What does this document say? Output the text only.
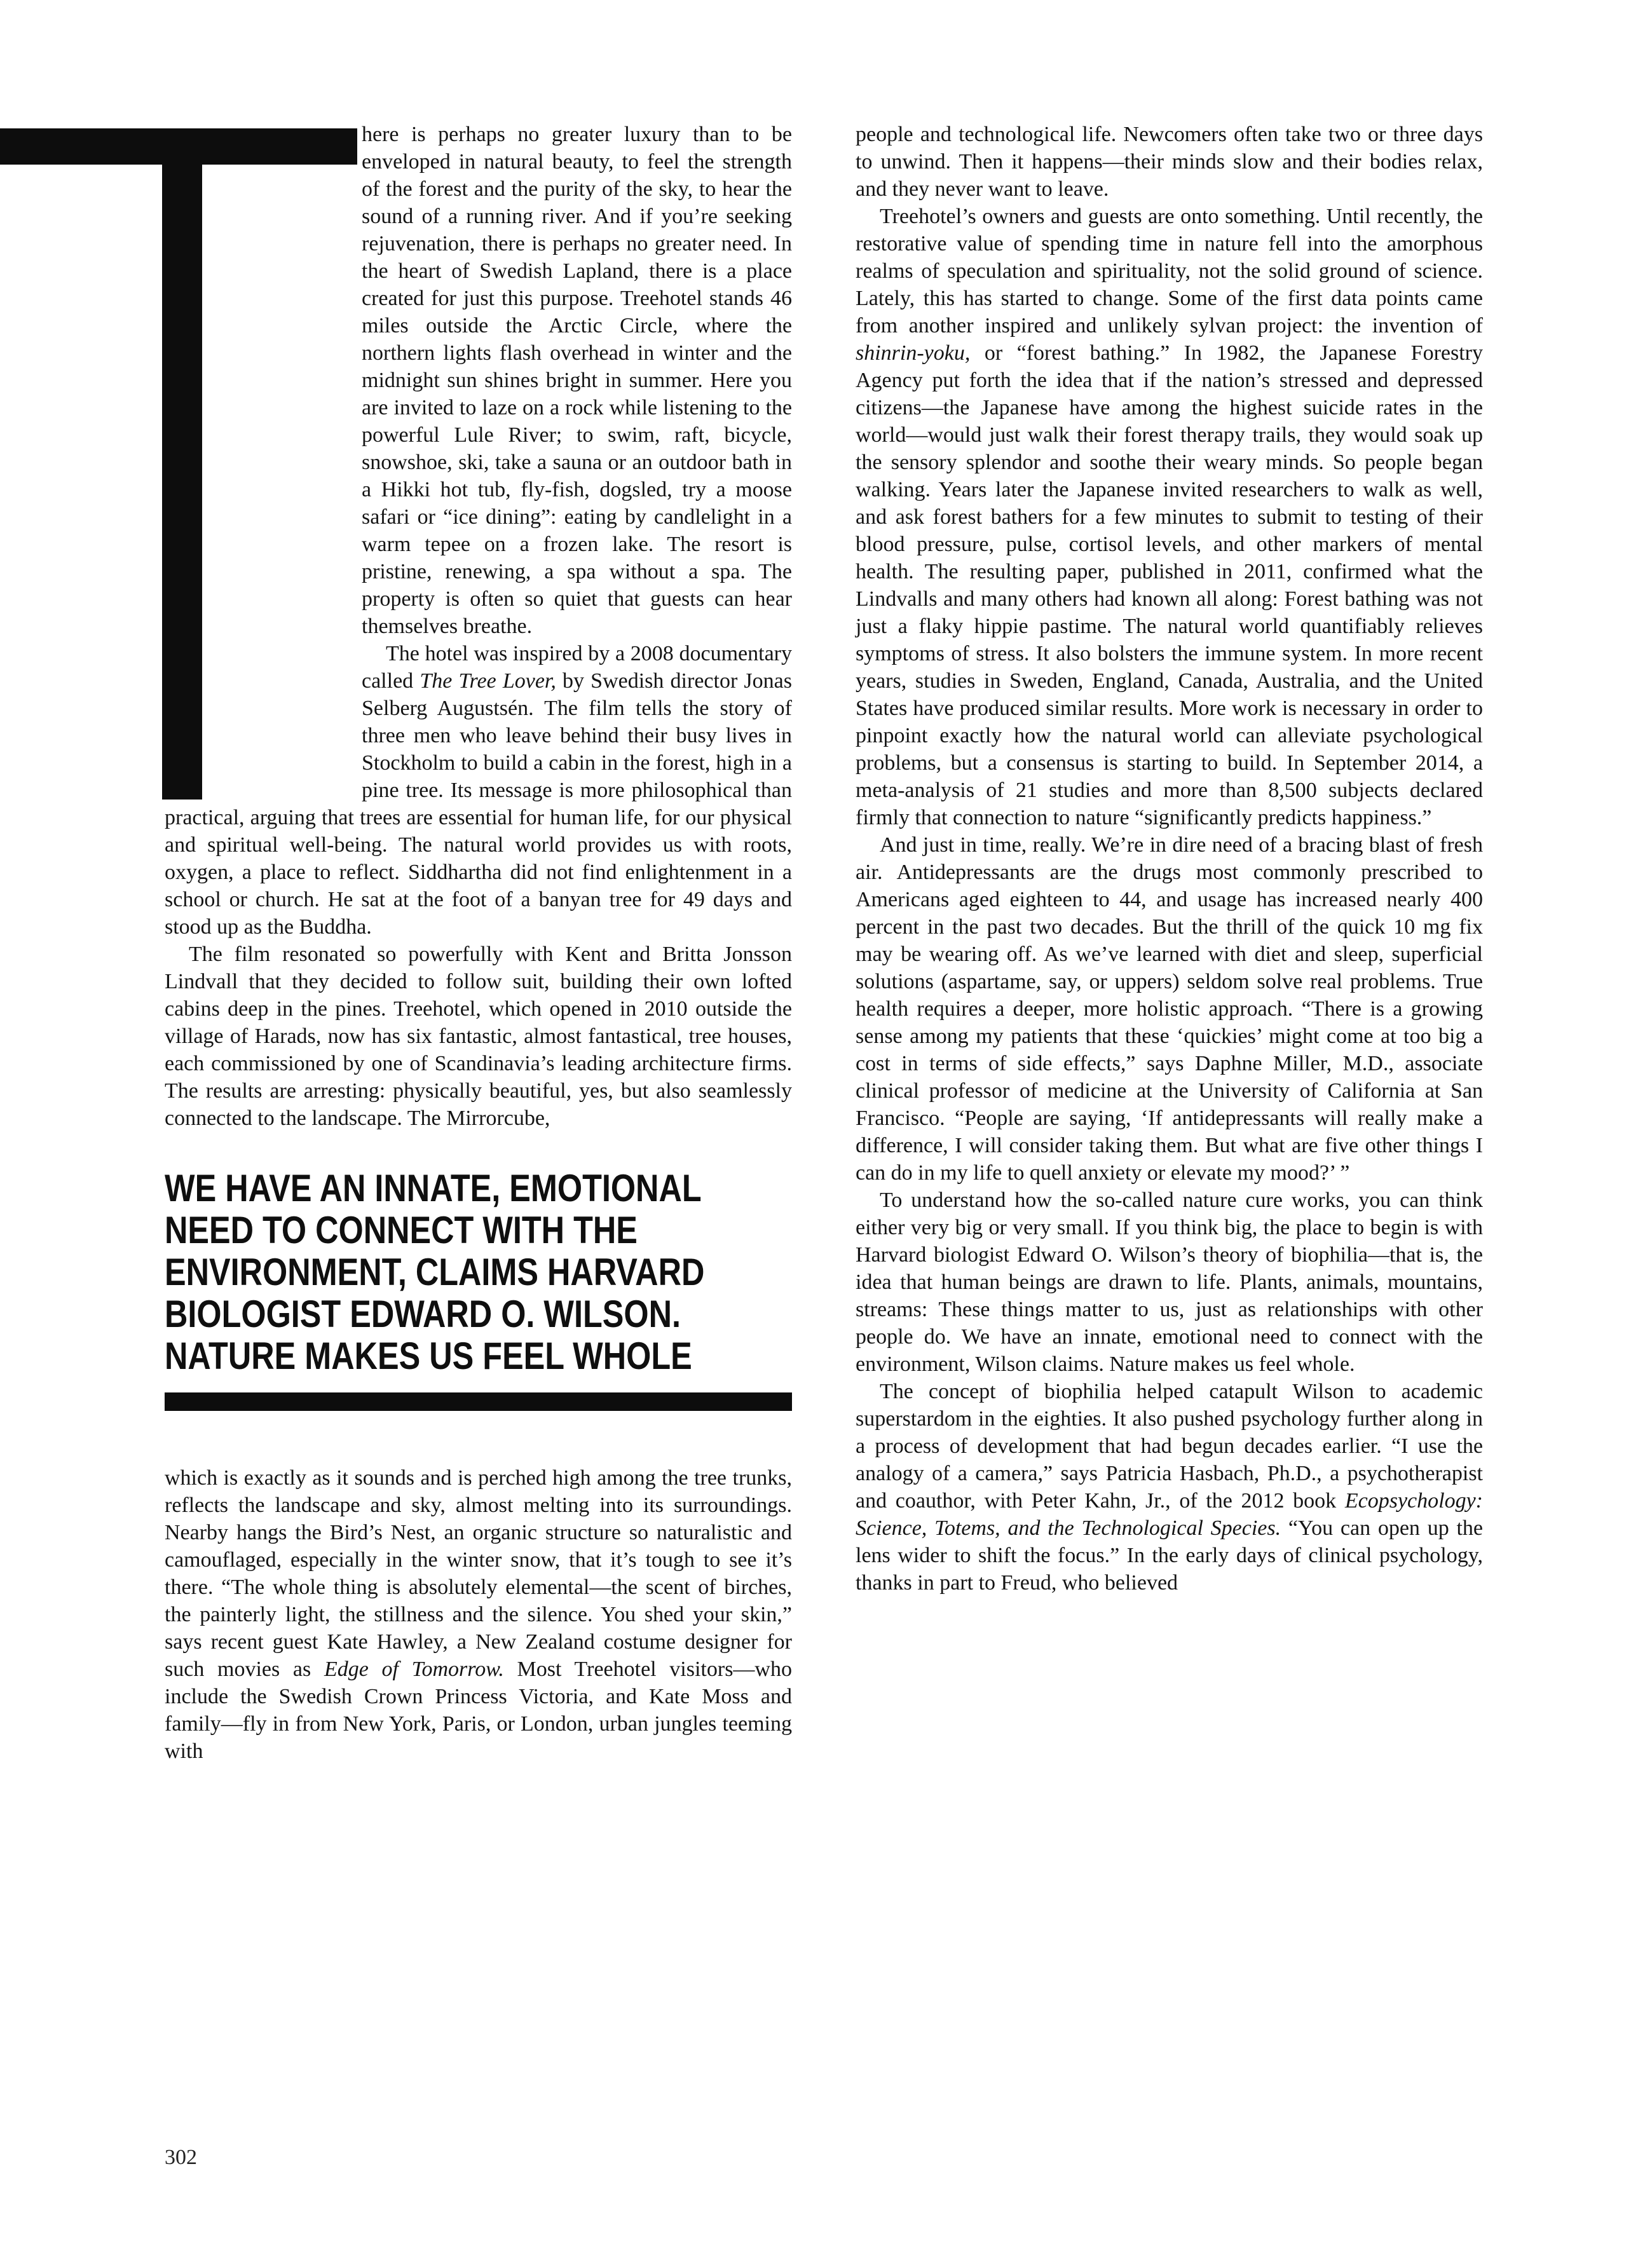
here is perhaps no greater luxury than to be enveloped in natural beauty, to feel the strength of the forest and the purity of the sky, to hear the sound of a running river. And if you’re seeking rejuvenation, there is perhaps no greater need. In the heart of Swedish Lapland, there is a place created for just this purpose. Treehotel stands 46 miles outside the Arctic Circle, where the northern lights flash overhead in winter and the midnight sun shines bright in summer. Here you are invited to laze on a rock while listening to the powerful Lule River; to swim, raft, bicycle, snowshoe, ski, take a sauna or an outdoor bath in a Hikki hot tub, fly-fish, dogsled, try a moose safari or “ice dining”: eating by candlelight in a warm tepee on a frozen lake. The resort is pristine, renewing, a spa without a spa. The property is often so quiet that guests can hear themselves breathe.

The hotel was inspired by a 2008 documentary called The Tree Lover, by Swedish director Jonas Selberg Augustsén. The film tells the story of three men who leave behind their busy lives in Stockholm to build a cabin in the forest, high in a pine tree. Its message is more philosophical than practical, arguing that trees are essential for human life, for our physical and spiritual well-being. The natural world provides us with roots, oxygen, a place to reflect. Siddhartha did not find enlightenment in a school or church. He sat at the foot of a banyan tree for 49 days and stood up as the Buddha.

The film resonated so powerfully with Kent and Britta Jonsson Lindvall that they decided to follow suit, building their own lofted cabins deep in the pines. Treehotel, which opened in 2010 outside the village of Harads, now has six fantastic, almost fantastical, tree houses, each commissioned by one of Scandinavia’s leading architecture firms. The results are arresting: physically beautiful, yes, but also seamlessly connected to the landscape. The Mirrorcube,

WE HAVE AN INNATE, EMOTIONAL
NEED TO CONNECT WITH THE
ENVIRONMENT, CLAIMS HARVARD
BIOLOGIST EDWARD O. WILSON.
NATURE MAKES US FEEL WHOLE

which is exactly as it sounds and is perched high among the tree trunks, reflects the landscape and sky, almost melting into its surroundings. Nearby hangs the Bird’s Nest, an organic structure so naturalistic and camouflaged, especially in the winter snow, that it’s tough to see it’s there. “The whole thing is absolutely elemental—the scent of birches, the painterly light, the stillness and the silence. You shed your skin,” says recent guest Kate Hawley, a New Zealand costume designer for such movies as Edge of Tomorrow. Most Treehotel visitors—who include the Swedish Crown Princess Victoria, and Kate Moss and family—fly in from New York, Paris, or London, urban jungles teeming with

people and technological life. Newcomers often take two or three days to unwind. Then it happens—their minds slow and their bodies relax, and they never want to leave.

Treehotel’s owners and guests are onto something. Until recently, the restorative value of spending time in nature fell into the amorphous realms of speculation and spirituality, not the solid ground of science. Lately, this has started to change. Some of the first data points came from another inspired and unlikely sylvan project: the invention of shinrin-yoku, or “forest bathing.” In 1982, the Japanese Forestry Agency put forth the idea that if the nation’s stressed and depressed citizens—the Japanese have among the highest suicide rates in the world—would just walk their forest therapy trails, they would soak up the sensory splendor and soothe their weary minds. So people began walking. Years later the Japanese invited researchers to walk as well, and ask forest bathers for a few minutes to submit to testing of their blood pressure, pulse, cortisol levels, and other markers of mental health. The resulting paper, published in 2011, confirmed what the Lindvalls and many others had known all along: Forest bathing was not just a flaky hippie pastime. The natural world quantifiably relieves symptoms of stress. It also bolsters the immune system. In more recent years, studies in Sweden, England, Canada, Australia, and the United States have produced similar results. More work is necessary in order to pinpoint exactly how the natural world can alleviate psychological problems, but a consensus is starting to build. In September 2014, a meta-analysis of 21 studies and more than 8,500 subjects declared firmly that connection to nature “significantly predicts happiness.”

And just in time, really. We’re in dire need of a bracing blast of fresh air. Antidepressants are the drugs most commonly prescribed to Americans aged eighteen to 44, and usage has increased nearly 400 percent in the past two decades. But the thrill of the quick 10 mg fix may be wearing off. As we’ve learned with diet and sleep, superficial solutions (aspartame, say, or uppers) seldom solve real problems. True health requires a deeper, more holistic approach. “There is a growing sense among my patients that these ‘quickies’ might come at too big a cost in terms of side effects,” says Daphne Miller, M.D., associate clinical professor of medicine at the University of California at San Francisco. “People are saying, ‘If antidepressants will really make a difference, I will consider taking them. But what are five other things I can do in my life to quell anxiety or elevate my mood?’ ”

To understand how the so-called nature cure works, you can think either very big or very small. If you think big, the place to begin is with Harvard biologist Edward O. Wilson’s theory of biophilia—that is, the idea that human beings are drawn to life. Plants, animals, mountains, streams: These things matter to us, just as relationships with other people do. We have an innate, emotional need to connect with the environment, Wilson claims. Nature makes us feel whole.

The concept of biophilia helped catapult Wilson to academic superstardom in the eighties. It also pushed psychology further along in a process of development that had begun decades earlier. “I use the analogy of a camera,” says Patricia Hasbach, Ph.D., a psychotherapist and coauthor, with Peter Kahn, Jr., of the 2012 book Ecopsychology: Science, Totems, and the Technological Species. “You can open up the lens wider to shift the focus.” In the early days of clinical psychology, thanks in part to Freud, who believed

302
